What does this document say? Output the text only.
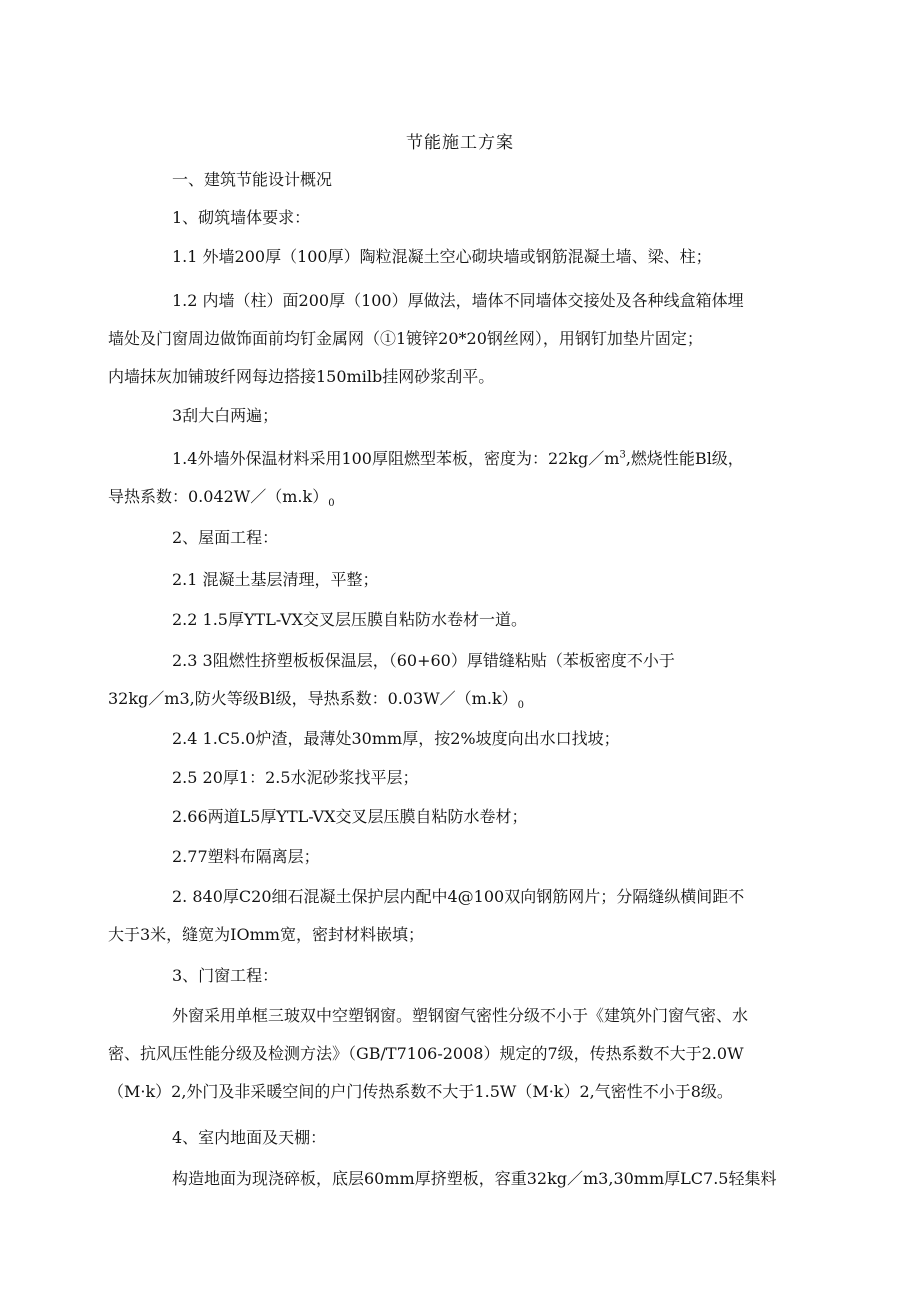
节能施工方案
一、建筑节能设计概况
1、砌筑墙体要求：
1.1 外墙200厚（100厚）陶粒混凝土空心砌块墙或钢筋混凝土墙、梁、柱；
1.2 内墙（柱）面200厚（100）厚做法，墙体不同墙体交接处及各种线盒箱体埋
墙处及门窗周边做饰面前均钉金属网（①1镀锌20*20钢丝网），用钢钉加垫片固定；
内墙抹灰加铺玻纤网每边搭接150milb挂网砂浆刮平。
3刮大白两遍；
1.4外墙外保温材料采用100厚阻燃型苯板，密度为：$22kg/m^3$,燃烧性能Bl级，
导热系数：$0.042W/(m.k)_0$
2、屋面工程：
2.1 混凝土基层清理，平整；
2.2 1.5厚YTL-VX交叉层压膜自粘防水卷材一道。
2.3 3阻燃性挤塑板板保温层，（60+60）厚错缝粘贴（苯板密度不小于
32kg／m3,防火等级Bl级，导热系数：$0.03W/(m.k)_0$
2.4 1.C5.0炉渣，最薄处30mm厚，按2%坡度向出水口找坡；
2.5 20厚1：2.5水泥砂浆找平层；
2.66两道L5厚YTL-VX交叉层压膜自粘防水卷材；
2.77塑料布隔离层；
2. 840厚C20细石混凝土保护层内配中4@100双向钢筋网片；分隔缝纵横间距不
大于3米，缝宽为IOmm宽，密封材料嵌填；
3、门窗工程：
外窗采用单框三玻双中空塑钢窗。塑钢窗气密性分级不小于《建筑外门窗气密、水
密、抗风压性能分级及检测方法》（GB/T7106-2008）规定的7级，传热系数不大于2.0W
（M·k）2,外门及非采暖空间的户门传热系数不大于1.5W（M·k）2,气密性不小于8级。
4、室内地面及天棚：
构造地面为现浇碎板，底层60mm厚挤塑板，容重32kg／m3,30mm厚LC7.5轻集料
